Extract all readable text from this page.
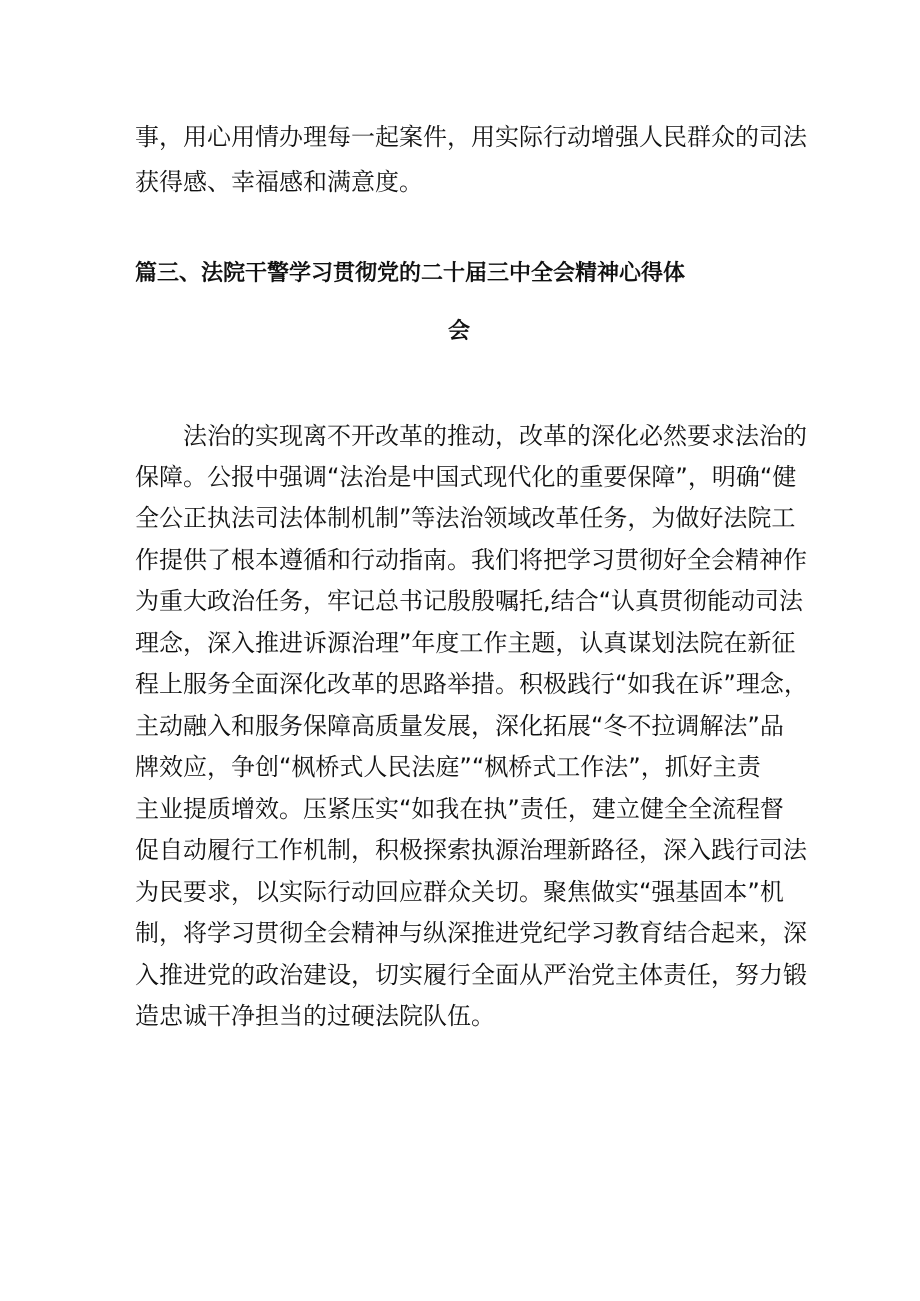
事，用心用情办理每一起案件，用实际行动增强人民群众的司法
获得感、幸福感和满意度。
篇三、法院干警学习贯彻党的二十届三中全会精神心得体
会
　　法治的实现离不开改革的推动，改革的深化必然要求法治的
保障。公报中强调“法治是中国式现代化的重要保障”，明确“健
全公正执法司法体制机制”等法治领域改革任务，为做好法院工
作提供了根本遵循和行动指南。我们将把学习贯彻好全会精神作
为重大政治任务，牢记总书记殷殷嘱托,结合“认真贯彻能动司法
理念，深入推进诉源治理”年度工作主题，认真谋划法院在新征
程上服务全面深化改革的思路举措。积极践行“如我在诉”理念，
主动融入和服务保障高质量发展，深化拓展“冬不拉调解法”品
牌效应，争创“枫桥式人民法庭”“枫桥式工作法”，抓好主责
主业提质增效。压紧压实“如我在执”责任，建立健全全流程督
促自动履行工作机制，积极探索执源治理新路径，深入践行司法
为民要求，以实际行动回应群众关切。聚焦做实“强基固本”机
制，将学习贯彻全会精神与纵深推进党纪学习教育结合起来，深
入推进党的政治建设，切实履行全面从严治党主体责任，努力锻
造忠诚干净担当的过硬法院队伍。
